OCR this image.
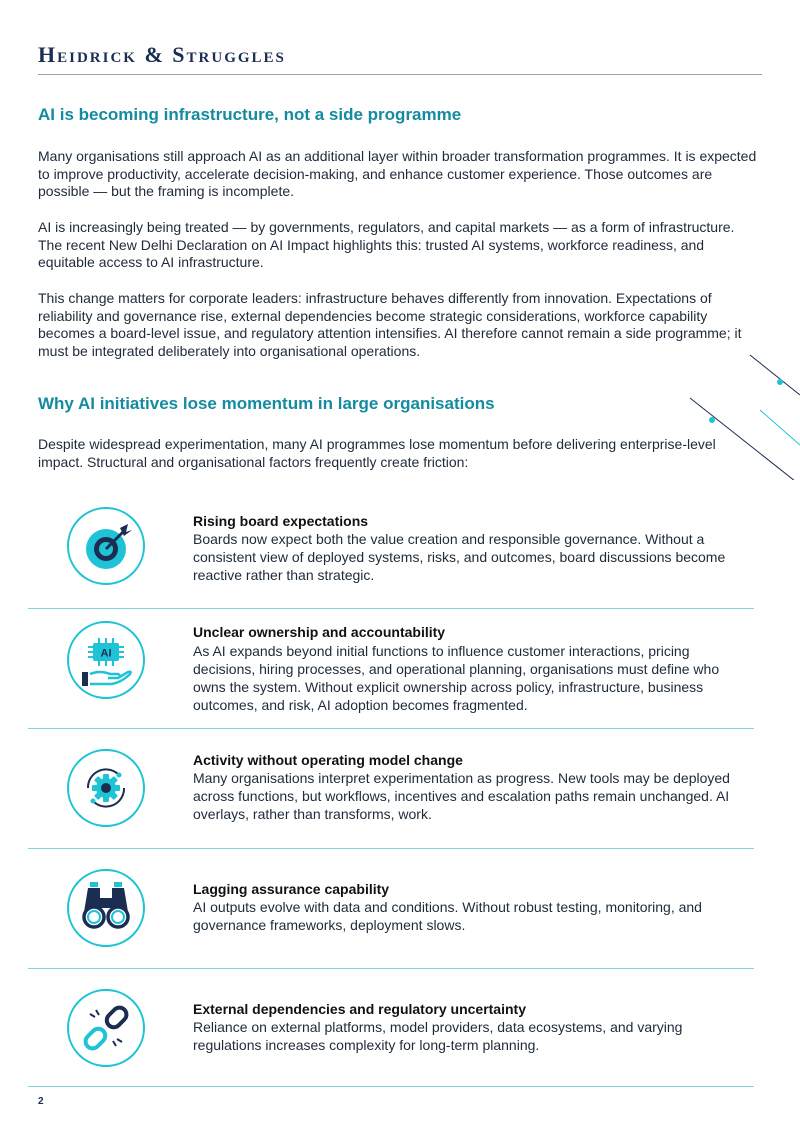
Heidrick & Struggles
AI is becoming infrastructure, not a side programme

Many organisations still approach AI as an additional layer within broader transformation programmes. It is expected to improve productivity, accelerate decision-making, and enhance customer experience. Those outcomes are possible — but the framing is incomplete.

AI is increasingly being treated — by governments, regulators, and capital markets — as a form of infrastructure. The recent New Delhi Declaration on AI Impact highlights this: trusted AI systems, workforce readiness, and equitable access to AI infrastructure.

This change matters for corporate leaders: infrastructure behaves differently from innovation. Expectations of reliability and governance rise, external dependencies become strategic considerations, workforce capability becomes a board-level issue, and regulatory attention intensifies. AI therefore cannot remain a side programme; it must be integrated deliberately into organisational operations.

Why AI initiatives lose momentum in large organisations

Despite widespread experimentation, many AI programmes lose momentum before delivering enterprise-level impact. Structural and organisational factors frequently create friction:

Rising board expectations

Boards now expect both the value creation and responsible governance. Without a consistent view of deployed systems, risks, and outcomes, board discussions become reactive rather than strategic.

AI

Unclear ownership and accountability

As AI expands beyond initial functions to influence customer interactions, pricing decisions, hiring processes, and operational planning, organisations must define who owns the system. Without explicit ownership across policy, infrastructure, business outcomes, and risk, AI adoption becomes fragmented.

Activity without operating model change

Many organisations interpret experimentation as progress. New tools may be deployed across functions, but workflows, incentives and escalation paths remain unchanged. AI overlays, rather than transforms, work.

Lagging assurance capability

AI outputs evolve with data and conditions. Without robust testing, monitoring, and governance frameworks, deployment slows.

External dependencies and regulatory uncertainty

Reliance on external platforms, model providers, data ecosystems, and varying regulations increases complexity for long-term planning.

2
